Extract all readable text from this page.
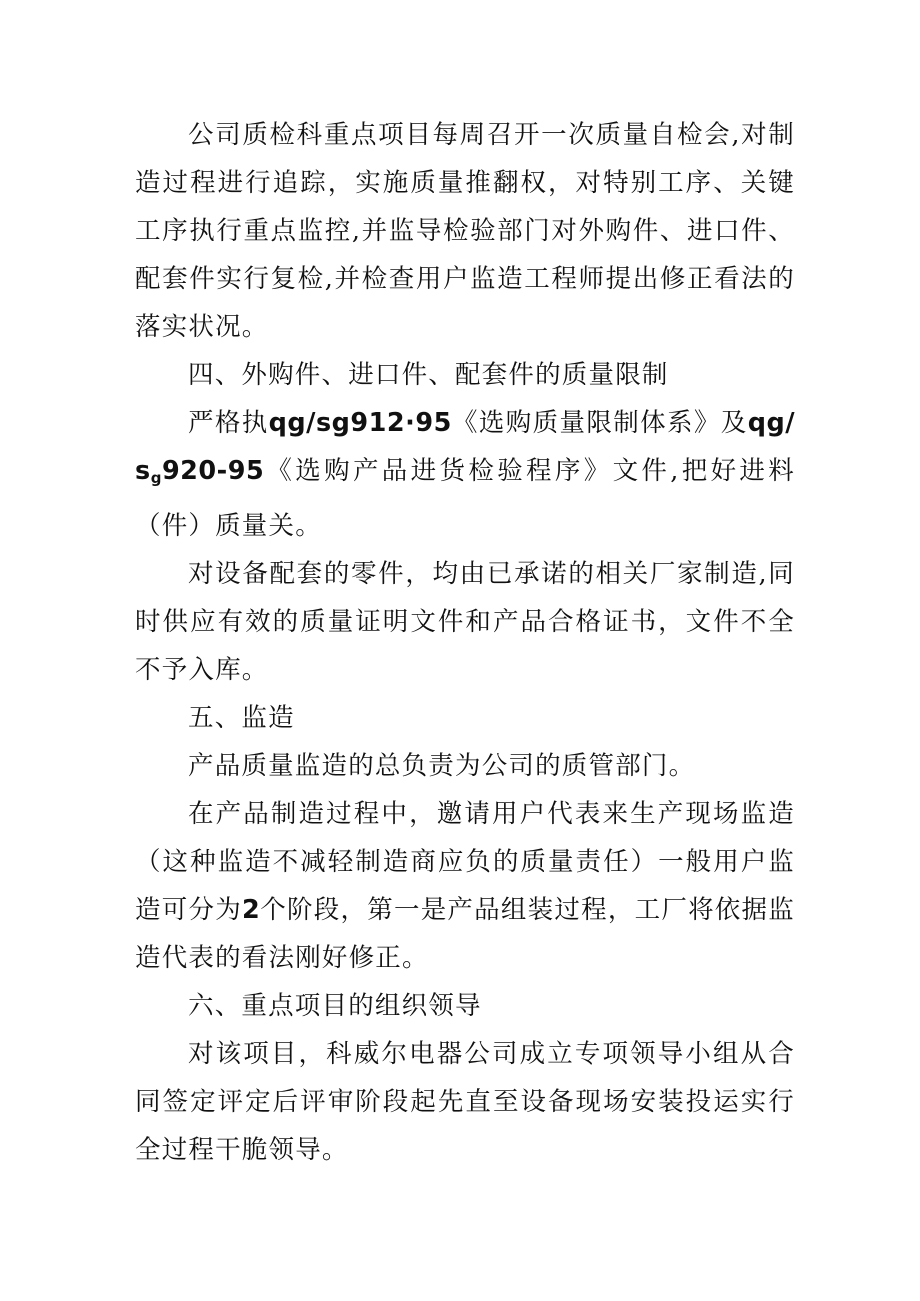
公司质检科重点项目每周召开一次质量自检会,对制造过程进行追踪，实施质量推翻权，对特别工序、关键工序执行重点监控,并监导检验部门对外购件、进口件、配套件实行复检,并检查用户监造工程师提出修正看法的落实状况。

四、外购件、进口件、配套件的质量限制

严格执qg/sg912·95《选购质量限制体系》及$qg/s_g920-95$《选购产品进货检验程序》文件,把好进料（件）质量关。

对设备配套的零件，均由已承诺的相关厂家制造,同时供应有效的质量证明文件和产品合格证书，文件不全不予入库。

五、监造

产品质量监造的总负责为公司的质管部门。

在产品制造过程中，邀请用户代表来生产现场监造（这种监造不减轻制造商应负的质量责任）一般用户监造可分为2个阶段，第一是产品组装过程，工厂将依据监造代表的看法刚好修正。

六、重点项目的组织领导

对该项目，科威尔电器公司成立专项领导小组从合同签定评定后评审阶段起先直至设备现场安装投运实行全过程干脆领导。
